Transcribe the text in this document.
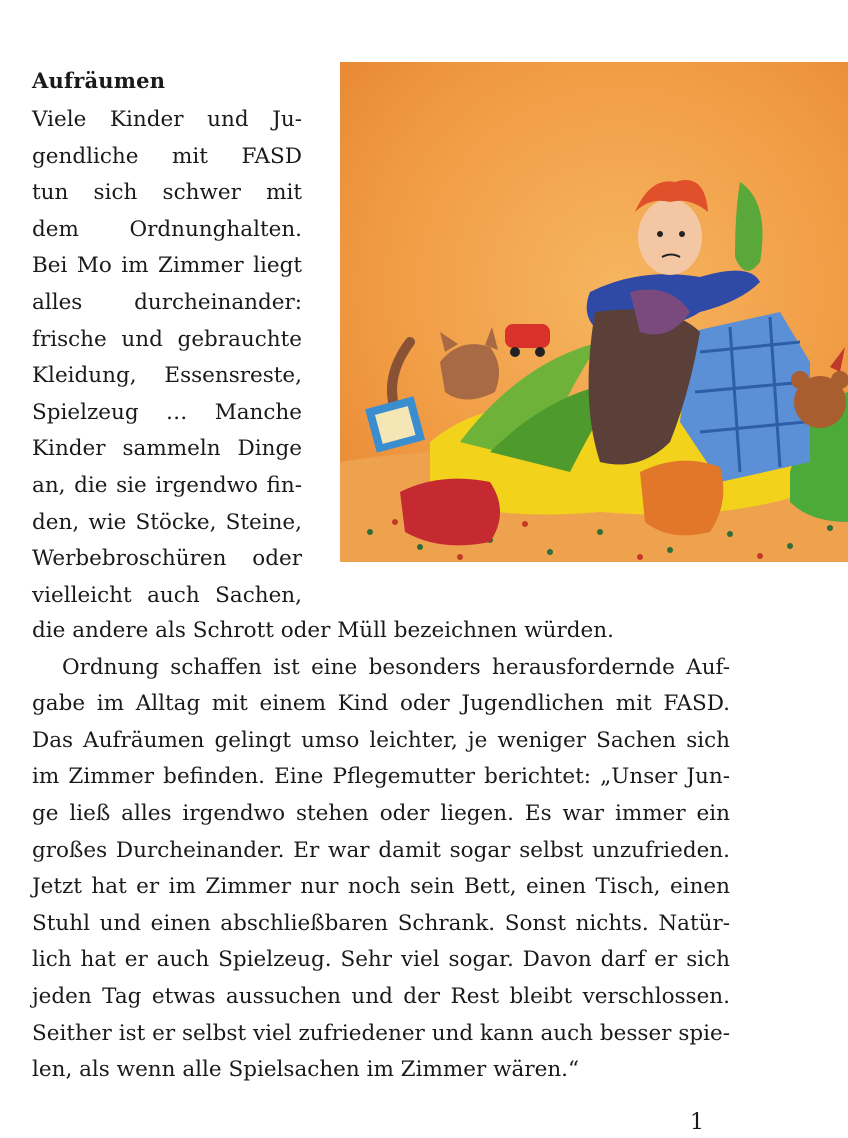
Aufräumen
Viele Kinder und Ju-
gendliche mit FASD
tun sich schwer mit
dem Ordnunghalten.
Bei Mo im Zimmer liegt
alles durcheinander:
frische und gebrauchte
Kleidung, Essensreste,
Spielzeug … Manche
Kinder sammeln Dinge
an, die sie irgendwo fin-
den, wie Stöcke, Steine,
Werbebroschüren oder
vielleicht auch Sachen,
die andere als Schrott oder Müll bezeichnen würden.
Ordnung schaffen ist eine besonders herausfordernde Auf-
gabe im Alltag mit einem Kind oder Jugendlichen mit FASD.
Das Aufräumen gelingt umso leichter, je weniger Sachen sich
im Zimmer befinden. Eine Pflegemutter berichtet: „Unser Jun-
ge ließ alles irgendwo stehen oder liegen. Es war immer ein
großes Durcheinander. Er war damit sogar selbst unzufrieden.
Jetzt hat er im Zimmer nur noch sein Bett, einen Tisch, einen
Stuhl und einen abschließbaren Schrank. Sonst nichts. Natür-
lich hat er auch Spielzeug. Sehr viel sogar. Davon darf er sich
jeden Tag etwas aussuchen und der Rest bleibt verschlossen.
Seither ist er selbst viel zufriedener und kann auch besser spie-
len, als wenn alle Spielsachen im Zimmer wären.“
1
